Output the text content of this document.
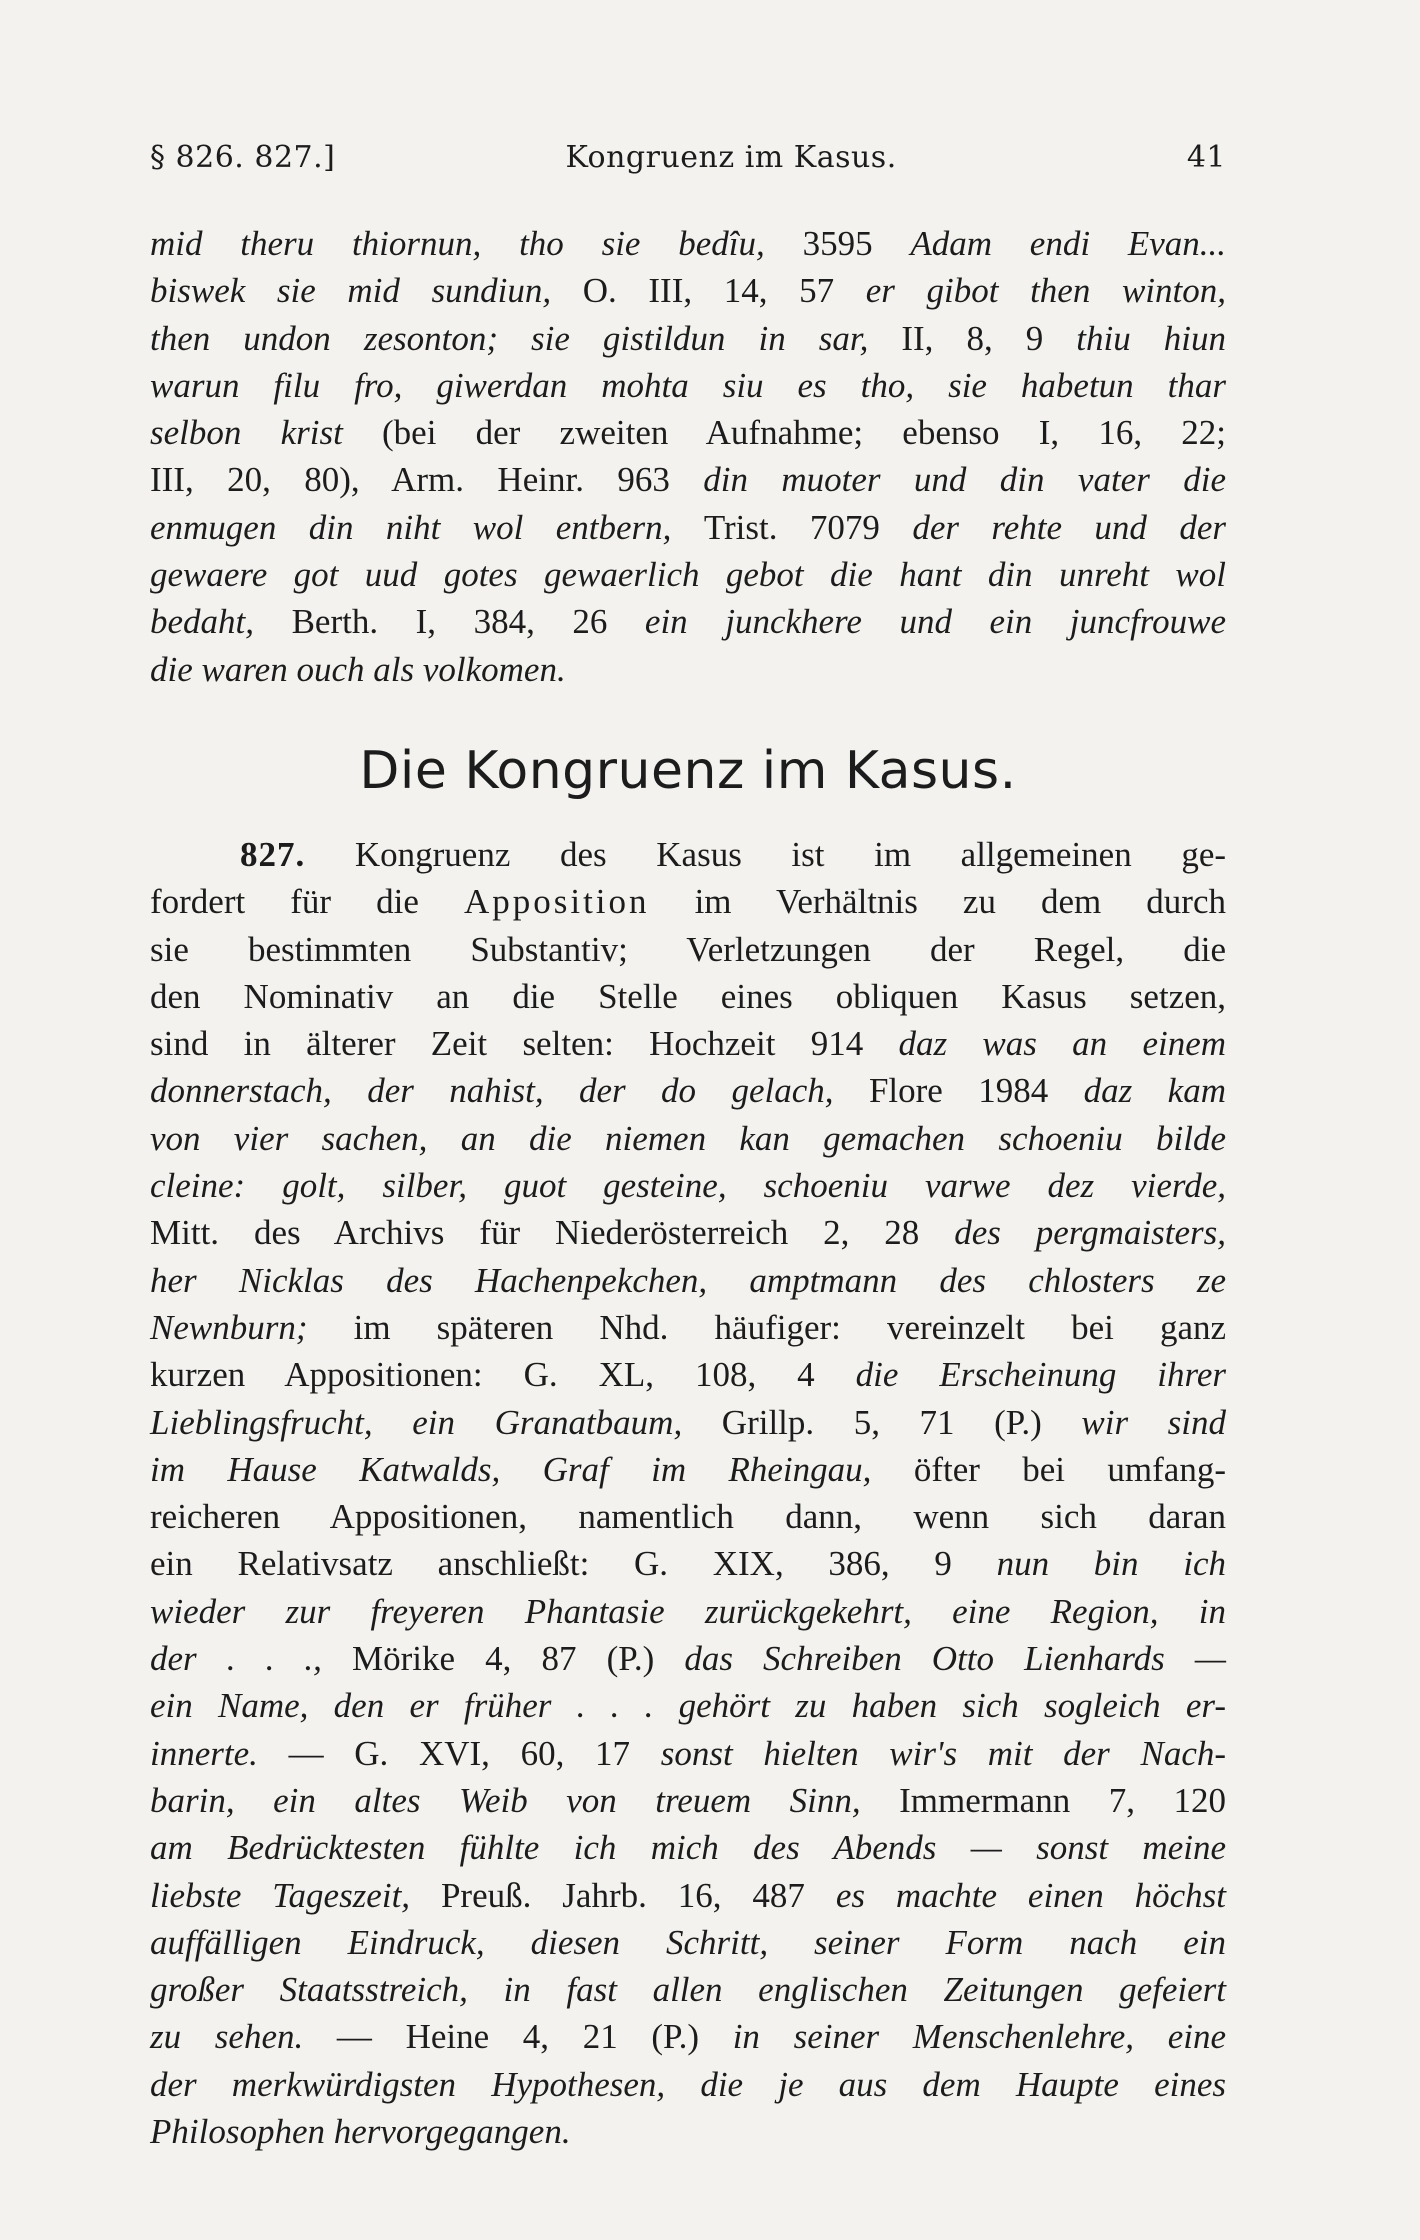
§ 826. 827.]	Kongruenz im Kasus.	41
mid theru thiornun, tho sie bedîu, 3595 Adam endi Evan...
biswek sie mid sundiun, O. III, 14, 57 er gibot then winton,
then undon zesonton; sie gistildun in sar, II, 8, 9 thiu hiun
warun filu fro, giwerdan mohta siu es tho, sie habetun thar
selbon krist (bei der zweiten Aufnahme; ebenso I, 16, 22;
III, 20, 80), Arm. Heinr. 963 din muoter und din vater die
enmugen din niht wol entbern, Trist. 7079 der rehte und der
gewaere got uud gotes gewaerlich gebot die hant din unreht wol
bedaht, Berth. I, 384, 26 ein junckhere und ein juncfrouwe
die waren ouch als volkomen.
Die Kongruenz im Kasus.
827. Kongruenz des Kasus ist im allgemeinen ge-
fordert für die Apposition im Verhältnis zu dem durch
sie bestimmten Substantiv; Verletzungen der Regel, die
den Nominativ an die Stelle eines obliquen Kasus setzen,
sind in älterer Zeit selten: Hochzeit 914 daz was an einem
donnerstach, der nahist, der do gelach, Flore 1984 daz kam
von vier sachen, an die niemen kan gemachen schoeniu bilde
cleine: golt, silber, guot gesteine, schoeniu varwe dez vierde,
Mitt. des Archivs für Niederösterreich 2, 28 des pergmaisters,
her Nicklas des Hachenpekchen, amptmann des chlosters ze
Newnburn; im späteren Nhd. häufiger: vereinzelt bei ganz
kurzen Appositionen: G. XL, 108, 4 die Erscheinung ihrer
Lieblingsfrucht, ein Granatbaum, Grillp. 5, 71 (P.) wir sind
im Hause Katwalds, Graf im Rheingau, öfter bei umfang-
reicheren Appositionen, namentlich dann, wenn sich daran
ein Relativsatz anschließt: G. XIX, 386, 9 nun bin ich
wieder zur freyeren Phantasie zurückgekehrt, eine Region, in
der . . ., Mörike 4, 87 (P.) das Schreiben Otto Lienhards —
ein Name, den er früher . . . gehört zu haben sich sogleich er-
innerte. — G. XVI, 60, 17 sonst hielten wir's mit der Nach-
barin, ein altes Weib von treuem Sinn, Immermann 7, 120
am Bedrücktesten fühlte ich mich des Abends — sonst meine
liebste Tageszeit, Preuß. Jahrb. 16, 487 es machte einen höchst
auffälligen Eindruck, diesen Schritt, seiner Form nach ein
großer Staatsstreich, in fast allen englischen Zeitungen gefeiert
zu sehen. — Heine 4, 21 (P.) in seiner Menschenlehre, eine
der merkwürdigsten Hypothesen, die je aus dem Haupte eines
Philosophen hervorgegangen.
